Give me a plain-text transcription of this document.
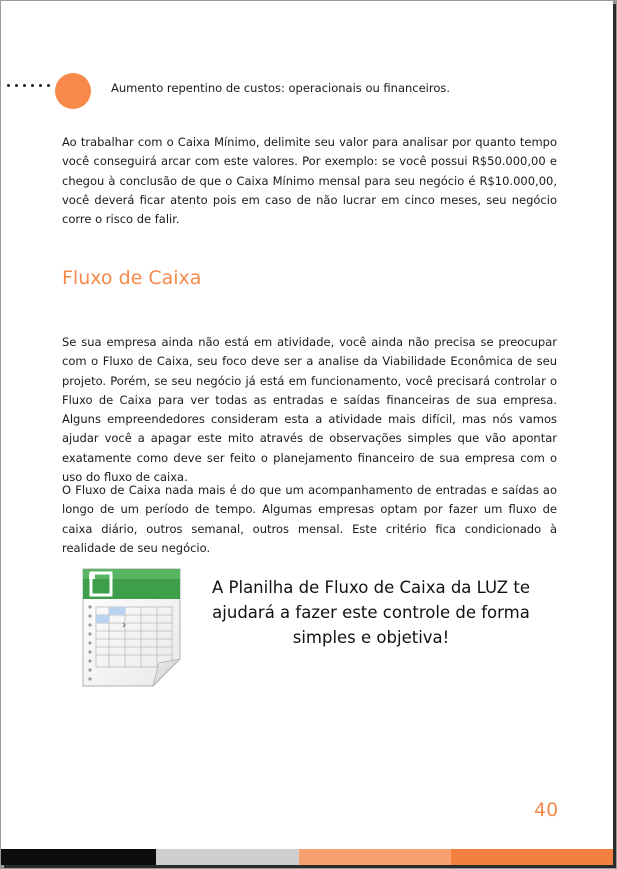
Aumento repentino de custos: operacionais ou financeiros.

Ao trabalhar com o Caixa Mínimo, delimite seu valor para analisar por quanto tempo você conseguirá arcar com este valores. Por exemplo: se você possui R$50.000,00 e chegou à conclusão de que o Caixa Mínimo mensal para seu negócio é R$10.000,00, você deverá ficar atento pois em caso de não lucrar em cinco meses, seu negócio corre o risco de falir.

Fluxo de Caixa

Se sua empresa ainda não está em atividade, você ainda não precisa se preocupar com o Fluxo de Caixa, seu foco deve ser a analise da Viabilidade Econômica de seu projeto. Porém, se seu negócio já está em funcionamento, você precisará controlar o Fluxo de Caixa para ver todas as entradas e saídas financeiras de sua empresa. Alguns empreendedores consideram esta a atividade mais difícil, mas nós vamos ajudar você a apagar este mito através de observações simples que vão apontar exatamente como deve ser feito o planejamento financeiro de sua empresa com o uso do fluxo de caixa.

O Fluxo de Caixa nada mais é do que um acompanhamento de entradas e saídas ao longo de um período de tempo. Algumas empresas optam por fazer um fluxo de caixa diário, outros semanal, outros mensal. Este critério fica condicionado à realidade de seu negócio.

A Planilha de Fluxo de Caixa da LUZ te ajudará a fazer este controle de forma simples e objetiva!

40
